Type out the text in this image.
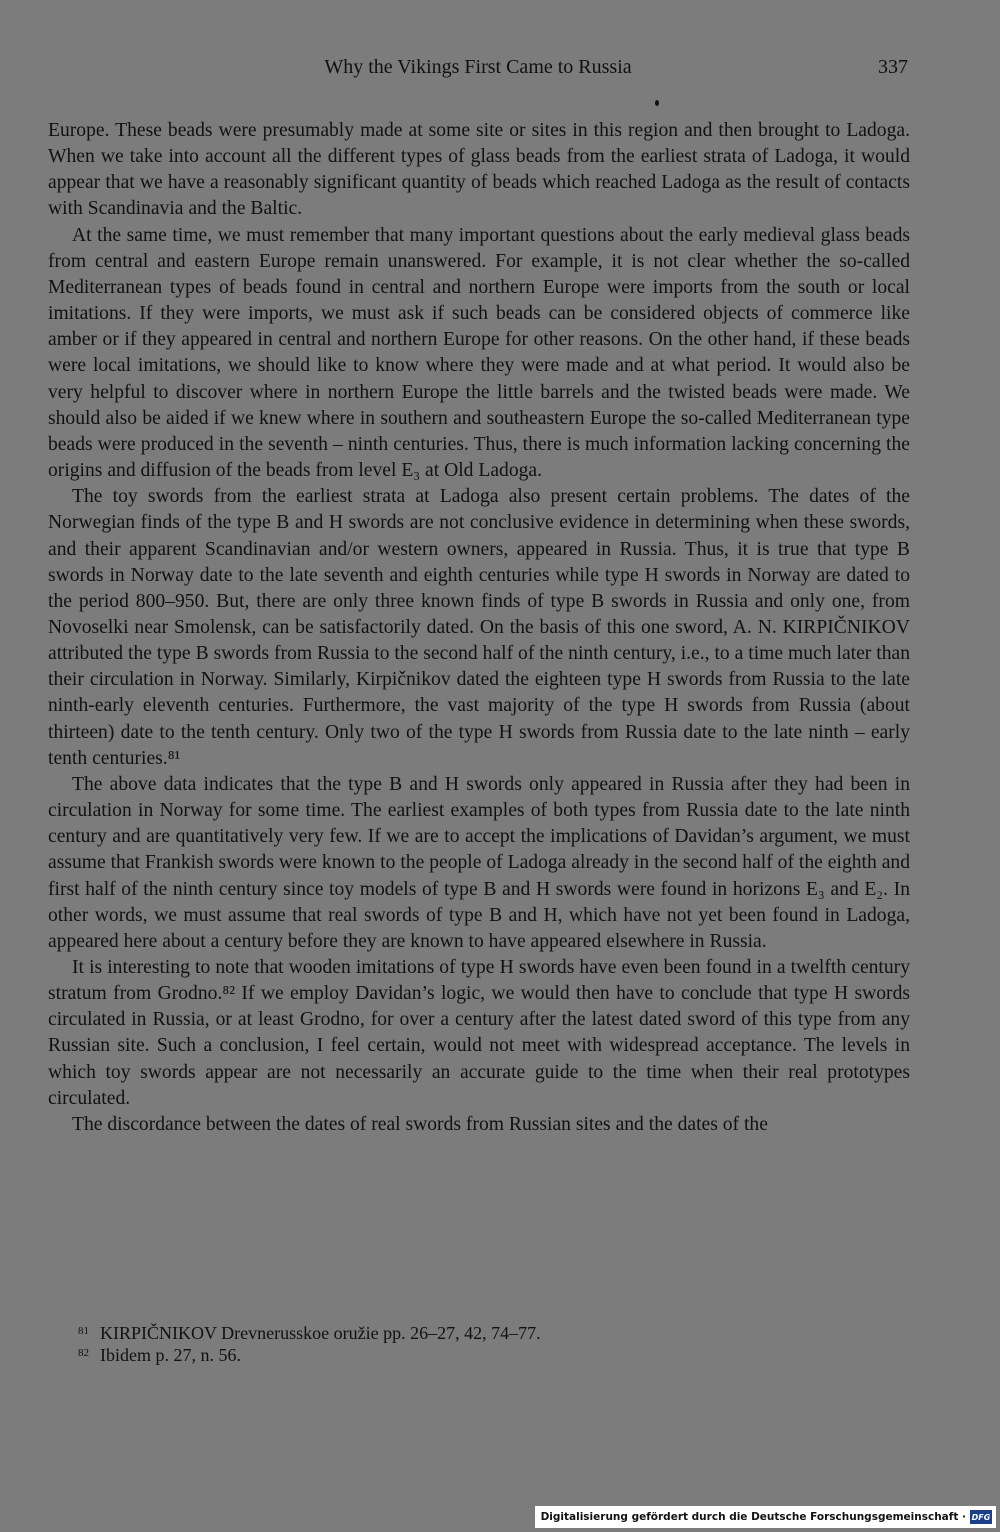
Why the Vikings First Came to Russia	337

Europe. These beads were presumably made at some site or sites in this region and then brought to Ladoga. When we take into account all the different types of glass beads from the earliest strata of Ladoga, it would appear that we have a reasonably significant quantity of beads which reached Ladoga as the result of contacts with Scandinavia and the Baltic.

At the same time, we must remember that many important questions about the early medieval glass beads from central and eastern Europe remain unanswered. For example, it is not clear whether the so-called Mediterranean types of beads found in central and northern Europe were imports from the south or local imitations. If they were imports, we must ask if such beads can be considered objects of commerce like amber or if they appeared in central and northern Europe for other reasons. On the other hand, if these beads were local imitations, we should like to know where they were made and at what period. It would also be very helpful to discover where in northern Europe the little barrels and the twisted beads were made. We should also be aided if we knew where in southern and southeastern Europe the so-called Mediterranean type beads were produced in the seventh – ninth centuries. Thus, there is much information lacking concerning the origins and diffusion of the beads from level E₃ at Old Ladoga.

The toy swords from the earliest strata at Ladoga also present certain problems. The dates of the Norwegian finds of the type B and H swords are not conclusive evidence in determining when these swords, and their apparent Scandinavian and/or western owners, appeared in Russia. Thus, it is true that type B swords in Norway date to the late seventh and eighth centuries while type H swords in Norway are dated to the period 800–950. But, there are only three known finds of type B swords in Russia and only one, from Novoselki near Smolensk, can be satisfactorily dated. On the basis of this one sword, A. N. KIRPIČNIKOV attributed the type B swords from Russia to the second half of the ninth century, i.e., to a time much later than their circulation in Norway. Similarly, Kirpičnikov dated the eighteen type H swords from Russia to the late ninth-early eleventh centuries. Furthermore, the vast majority of the type H swords from Russia (about thirteen) date to the tenth century. Only two of the type H swords from Russia date to the late ninth – early tenth centuries.⁸¹

The above data indicates that the type B and H swords only appeared in Russia after they had been in circulation in Norway for some time. The earliest examples of both types from Russia date to the late ninth century and are quantitatively very few. If we are to accept the implications of Davidan’s argument, we must assume that Frankish swords were known to the people of Ladoga already in the second half of the eighth and first half of the ninth century since toy models of type B and H swords were found in horizons E₃ and E₂. In other words, we must assume that real swords of type B and H, which have not yet been found in Ladoga, appeared here about a century before they are known to have appeared elsewhere in Russia.

It is interesting to note that wooden imitations of type H swords have even been found in a twelfth century stratum from Grodno.⁸² If we employ Davidan’s logic, we would then have to conclude that type H swords circulated in Russia, or at least Grodno, for over a century after the latest dated sword of this type from any Russian site. Such a conclusion, I feel certain, would not meet with widespread acceptance. The levels in which toy swords appear are not necessarily an accurate guide to the time when their real prototypes circulated.

The discordance between the dates of real swords from Russian sites and the dates of the

81 KIRPIČNIKOV Drevnerusskoe oružie pp. 26–27, 42, 74–77.
82 Ibidem p. 27, n. 56.
Digitalisierung gefördert durch die Deutsche Forschungsgemeinschaft · DFG
